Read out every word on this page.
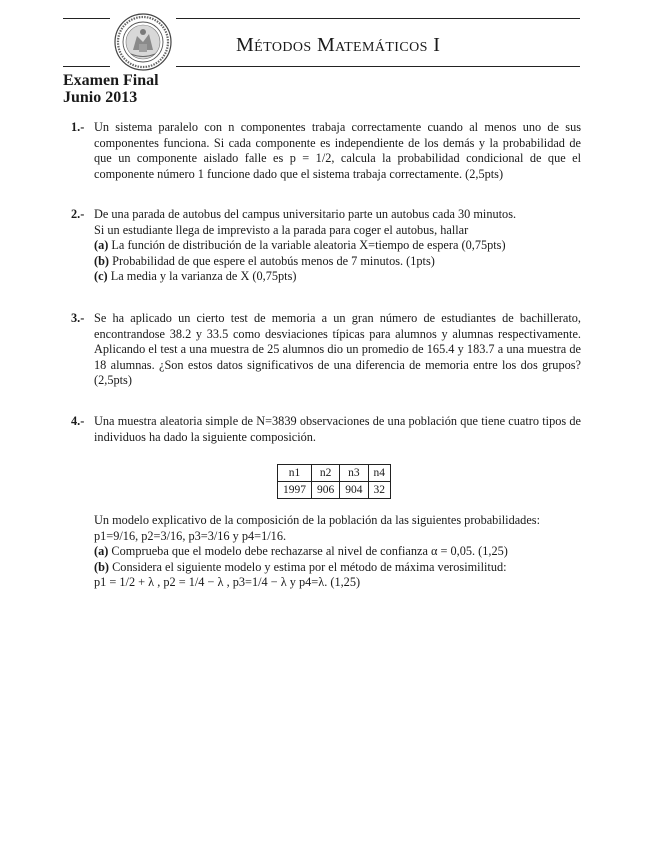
Métodos Matemáticos I
Examen Final
Junio 2013
1.- Un sistema paralelo con n componentes trabaja correctamente cuando al menos uno de sus componentes funciona. Si cada componente es independiente de los demás y la probabilidad de que un componente aislado falle es p = 1/2, calcula la probabilidad condicional de que el componente número 1 funcione dado que el sistema trabaja correctamente. (2,5pts)

2.- De una parada de autobus del campus universitario parte un autobus cada 30 minutos.

Si un estudiante llega de imprevisto a la parada para coger el autobus, hallar

(a) La función de distribución de la variable aleatoria X=tiempo de espera (0,75pts)

(b) Probabilidad de que espere el autobús menos de 7 minutos. (1pts)

(c) La media y la varianza de X (0,75pts)

3.- Se ha aplicado un cierto test de memoria a un gran número de estudiantes de bachillerato, encontrandose 38.2 y 33.5 como desviaciones típicas para alumnos y alumnas respectivamente. Aplicando el test a una muestra de 25 alumnos dio un promedio de 165.4 y 183.7 a una muestra de 18 alumnas. ¿Son estos datos significativos de una diferencia de memoria entre los dos grupos? (2,5pts)

4.- Una muestra aleatoria simple de N=3839 observaciones de una población que tiene cuatro tipos de individuos ha dado la siguiente composición.

n1	n2	n3	n4
1997	906	904	32

Un modelo explicativo de la composición de la población da las siguientes probabilidades:

p1=9/16, p2=3/16, p3=3/16 y p4=1/16.

(a) Comprueba que el modelo debe rechazarse al nivel de confianza α = 0,05. (1,25)

(b) Considera el siguiente modelo y estima por el método de máxima verosimilitud:

p1 = 1/2 + λ , p2 = 1/4 − λ , p3=1/4 − λ y p4=λ. (1,25)
